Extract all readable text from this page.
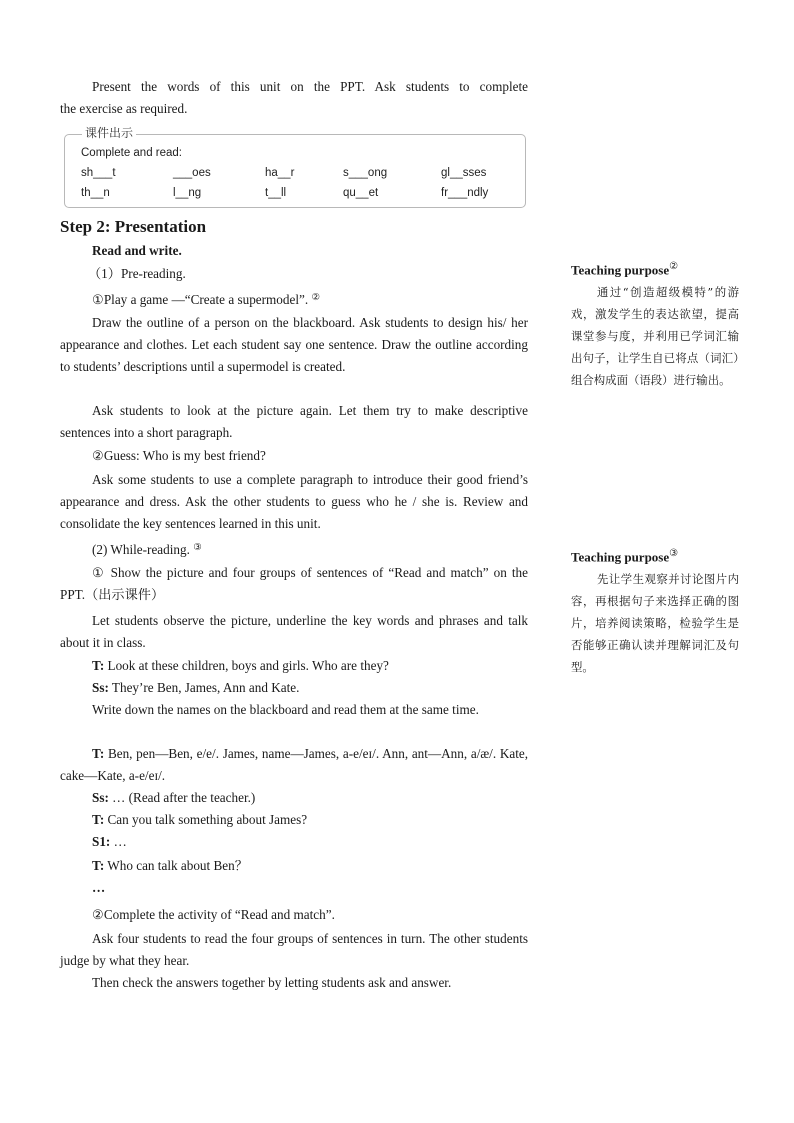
Present the words of this unit on the PPT. Ask students to complete
the exercise as required.

课件出示
Complete and read:
sh___t	___oes	ha__r	s___ong	gl__sses
th__n	l__ng	t__ll	qu__et	fr___ndly
Step 2: Presentation
Read and write.
（1）Pre-reading.
①Play a game —“Create a supermodel”. ②

Draw the outline of a person on the blackboard. Ask students to design his/ her appearance and clothes. Let each student say one sentence. Draw the outline according to students’ descriptions until a supermodel is created.

Ask students to look at the picture again. Let them try to make descriptive sentences into a short paragraph.

②Guess: Who is my best friend?

Ask some students to use a complete paragraph to introduce their good friend’s appearance and dress. Ask the other students to guess who he / she is. Review and consolidate the key sentences learned in this unit.

(2) While-reading. ③

① Show the picture and four groups of sentences of “Read and match” on the PPT.（出示课件）

Let students observe the picture, underline the key words and phrases and talk about it in class.

T: Look at these children, boys and girls. Who are they?
Ss: They’re Ben, James, Ann and Kate.

Write down the names on the blackboard and read them at the same time.

T: Ben, pen—Ben, e/e/. James, name—James, a-e/eɪ/. Ann, ant—Ann, a/æ/. Kate, cake—Kate, a-e/eɪ/.

Ss: … (Read after the teacher.)
T: Can you talk something about James?
S1: …
T: Who can talk about Ben？
…
②Complete the activity of “Read and match”.

Ask four students to read the four groups of sentences in turn. The other students judge by what they hear.

Then check the answers together by letting students ask and answer.

Teaching purpose②
通过“创造超级模特”的游戏，激发学生的表达欲望，提高课堂参与度，并利用已学词汇输出句子，让学生自已将点（词汇）组合构成面（语段）进行输出。
Teaching purpose③
先让学生观察并讨论图片内容，再根据句子来选择正确的图片，培养阅读策略，检验学生是否能够正确认读并理解词汇及句型。
